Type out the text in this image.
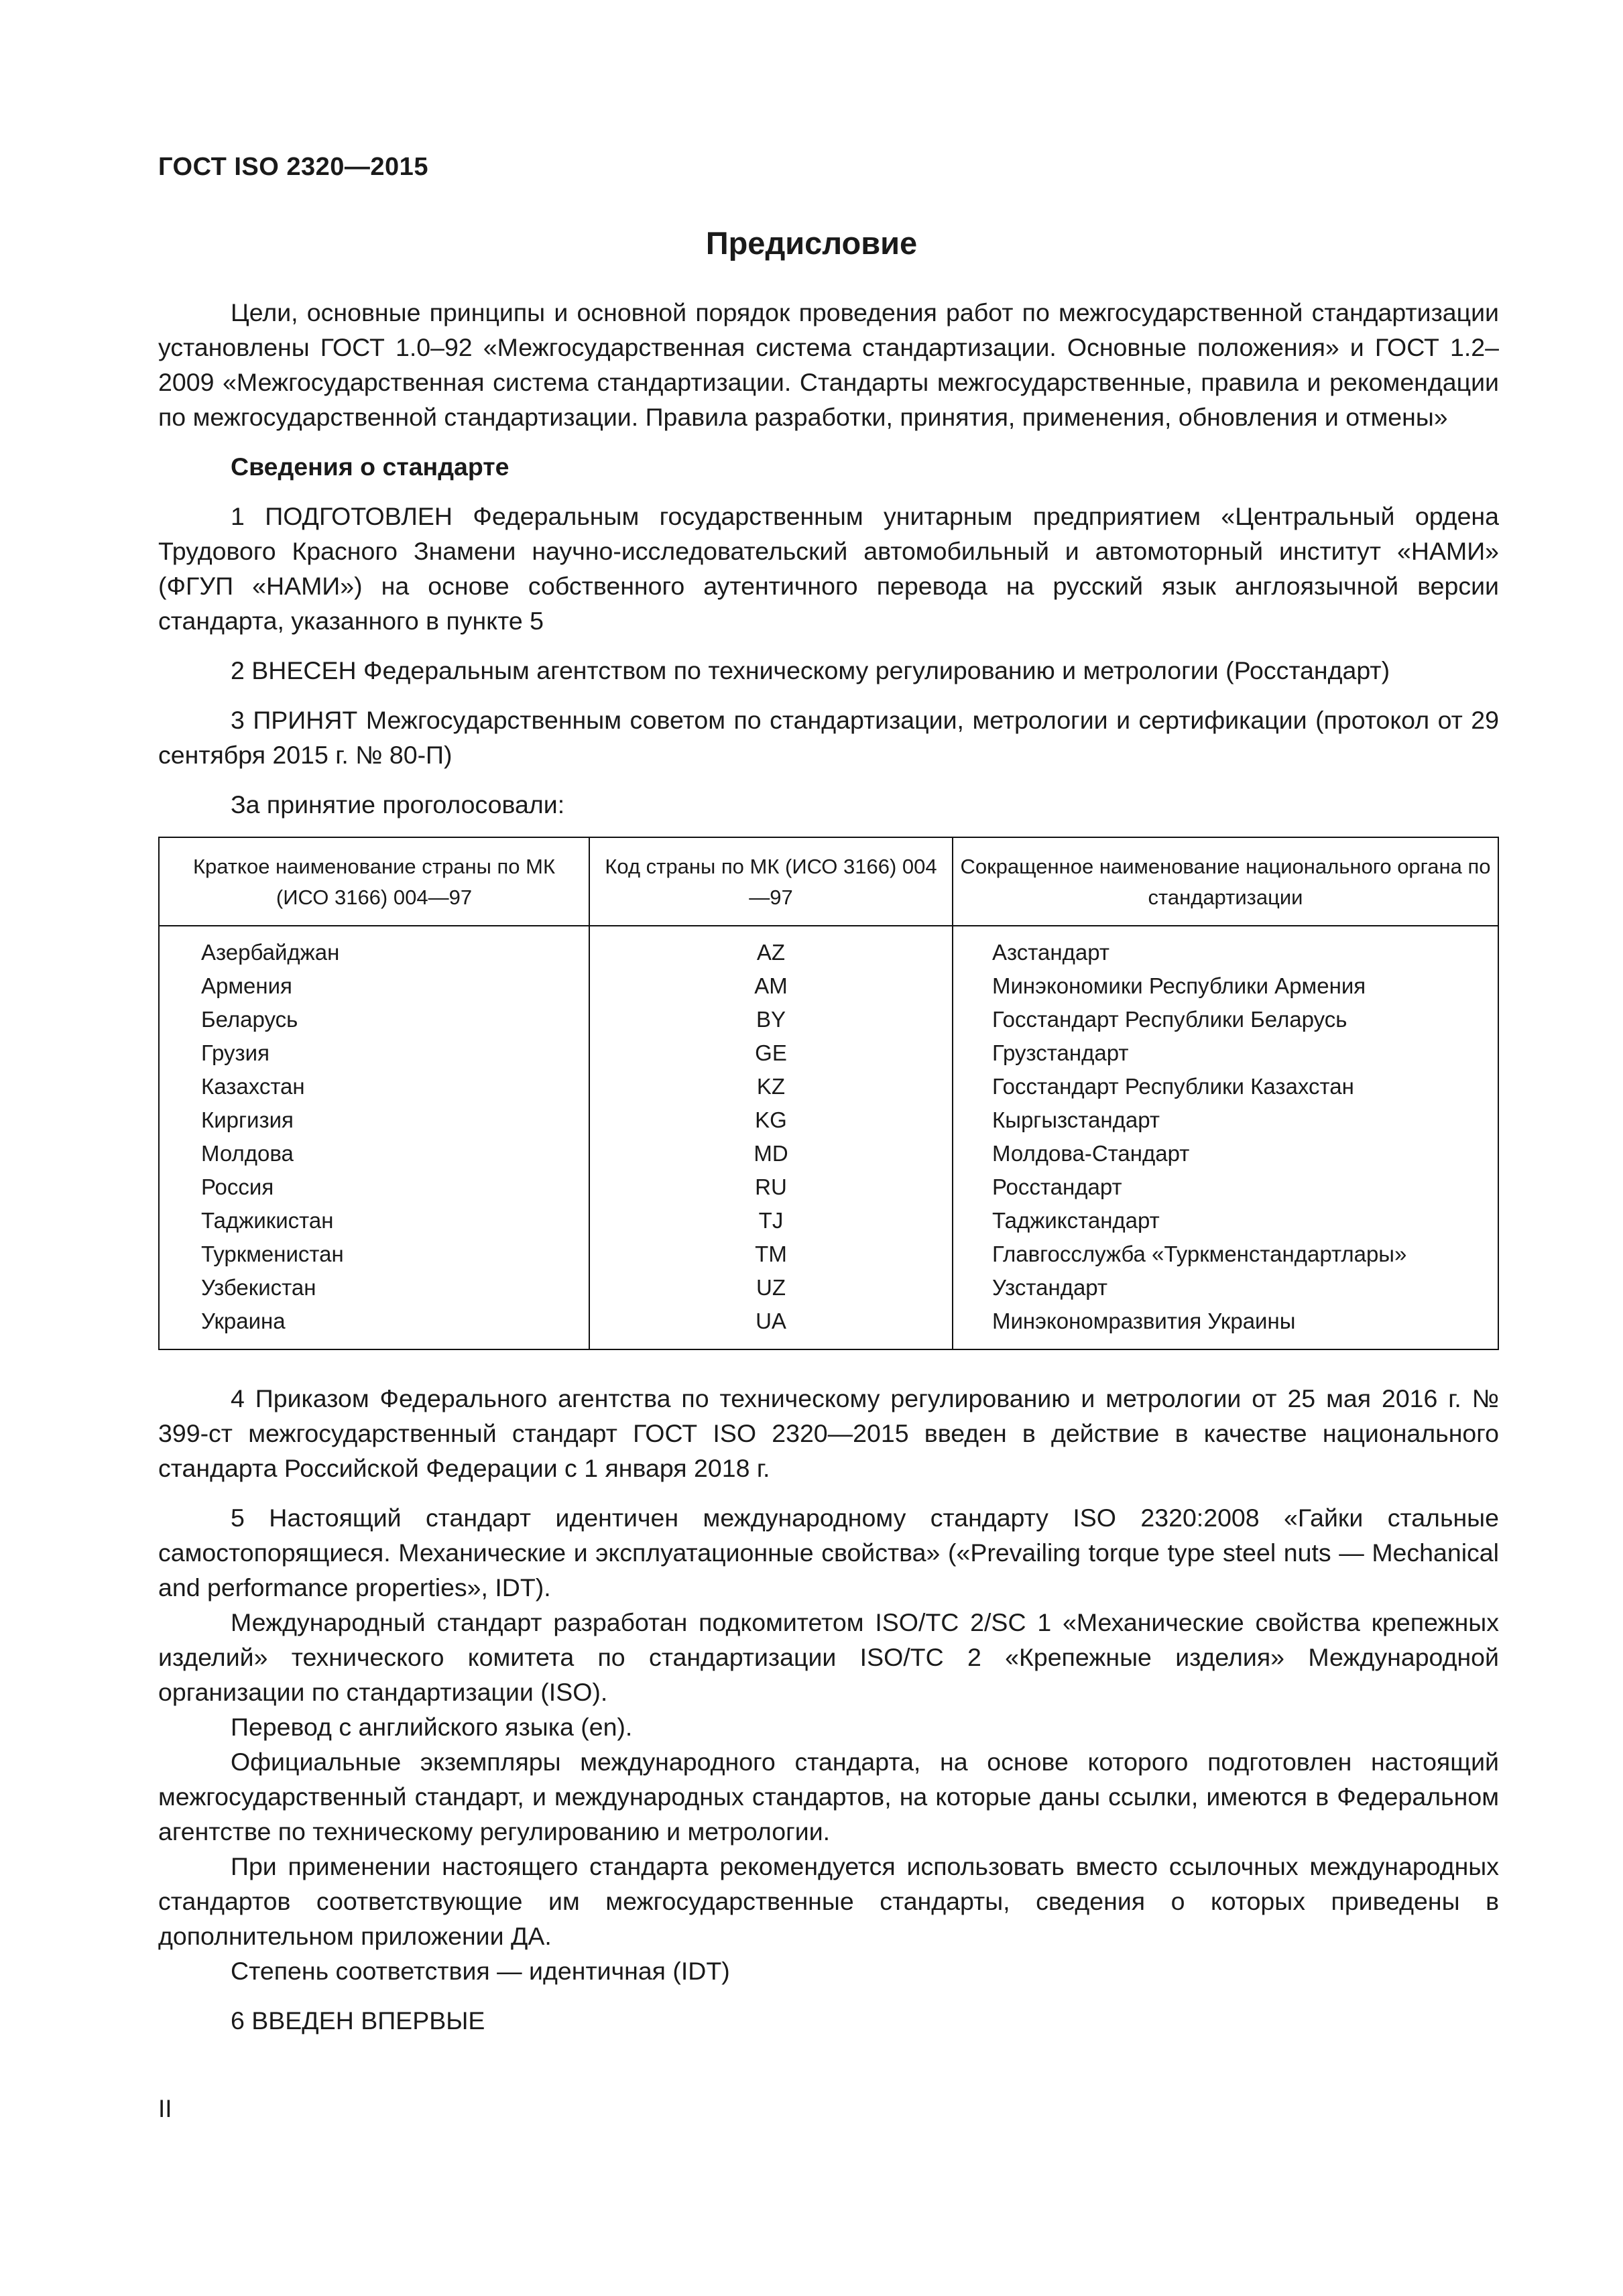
ГОСТ ISO 2320—2015
Предисловие

Цели, основные принципы и основной порядок проведения работ по межгосударственной стандартизации установлены ГОСТ 1.0–92 «Межгосударственная система стандартизации. Основные положения» и ГОСТ 1.2–2009 «Межгосударственная система стандартизации. Стандарты межгосударственные, правила и рекомендации по межгосударственной стандартизации. Правила разработки, принятия, применения, обновления и отмены»

Сведения о стандарте

1 ПОДГОТОВЛЕН Федеральным государственным унитарным предприятием «Центральный ордена Трудового Красного Знамени научно-исследовательский автомобильный и автомоторный институт «НАМИ» (ФГУП «НАМИ») на основе собственного аутентичного перевода на русский язык англоязычной версии стандарта, указанного в пункте 5

2 ВНЕСЕН Федеральным агентством по техническому регулированию и метрологии (Росстандарт)

3 ПРИНЯТ Межгосударственным советом по стандартизации, метрологии и сертификации (протокол от 29 сентября 2015 г. № 80-П)

За принятие проголосовали:

Краткое наименование страны по МК (ИСО 3166) 004—97	Код страны по МК (ИСО 3166) 004—97	Сокращенное наименование национального органа по стандартизации

Азербайджан	AZ	Азстандарт
Армения	AM	Минэкономики Республики Армения
Беларусь	BY	Госстандарт Республики Беларусь
Грузия	GE	Грузстандарт
Казахстан	KZ	Госстандарт Республики Казахстан
Киргизия	KG	Кыргызстандарт
Молдова	MD	Молдова-Стандарт
Россия	RU	Росстандарт
Таджикистан	TJ	Таджикстандарт
Туркменистан	TM	Главгосслужба «Туркменстандартлары»
Узбекистан	UZ	Узстандарт
Украина	UA	Минэкономразвития Украины

4 Приказом Федерального агентства по техническому регулированию и метрологии от 25 мая 2016 г. № 399-ст межгосударственный стандарт ГОСТ ISO 2320—2015 введен в действие в качестве национального стандарта Российской Федерации с 1 января 2018 г.

5 Настоящий стандарт идентичен международному стандарту ISO 2320:2008 «Гайки стальные самостопорящиеся. Механические и эксплуатационные свойства» («Prevailing torque type steel nuts — Mechanical and performance properties», IDT).

Международный стандарт разработан подкомитетом ISO/TC 2/SC 1 «Механические свойства крепежных изделий» технического комитета по стандартизации ISO/TC 2 «Крепежные изделия» Международной организации по стандартизации (ISO).

Перевод с английского языка (en).

Официальные экземпляры международного стандарта, на основе которого подготовлен настоящий межгосударственный стандарт, и международных стандартов, на которые даны ссылки, имеются в Федеральном агентстве по техническому регулированию и метрологии.

При применении настоящего стандарта рекомендуется использовать вместо ссылочных международных стандартов соответствующие им межгосударственные стандарты, сведения о которых приведены в дополнительном приложении ДА.

Степень соответствия — идентичная (IDT)

6 ВВЕДЕН ВПЕРВЫЕ

II
